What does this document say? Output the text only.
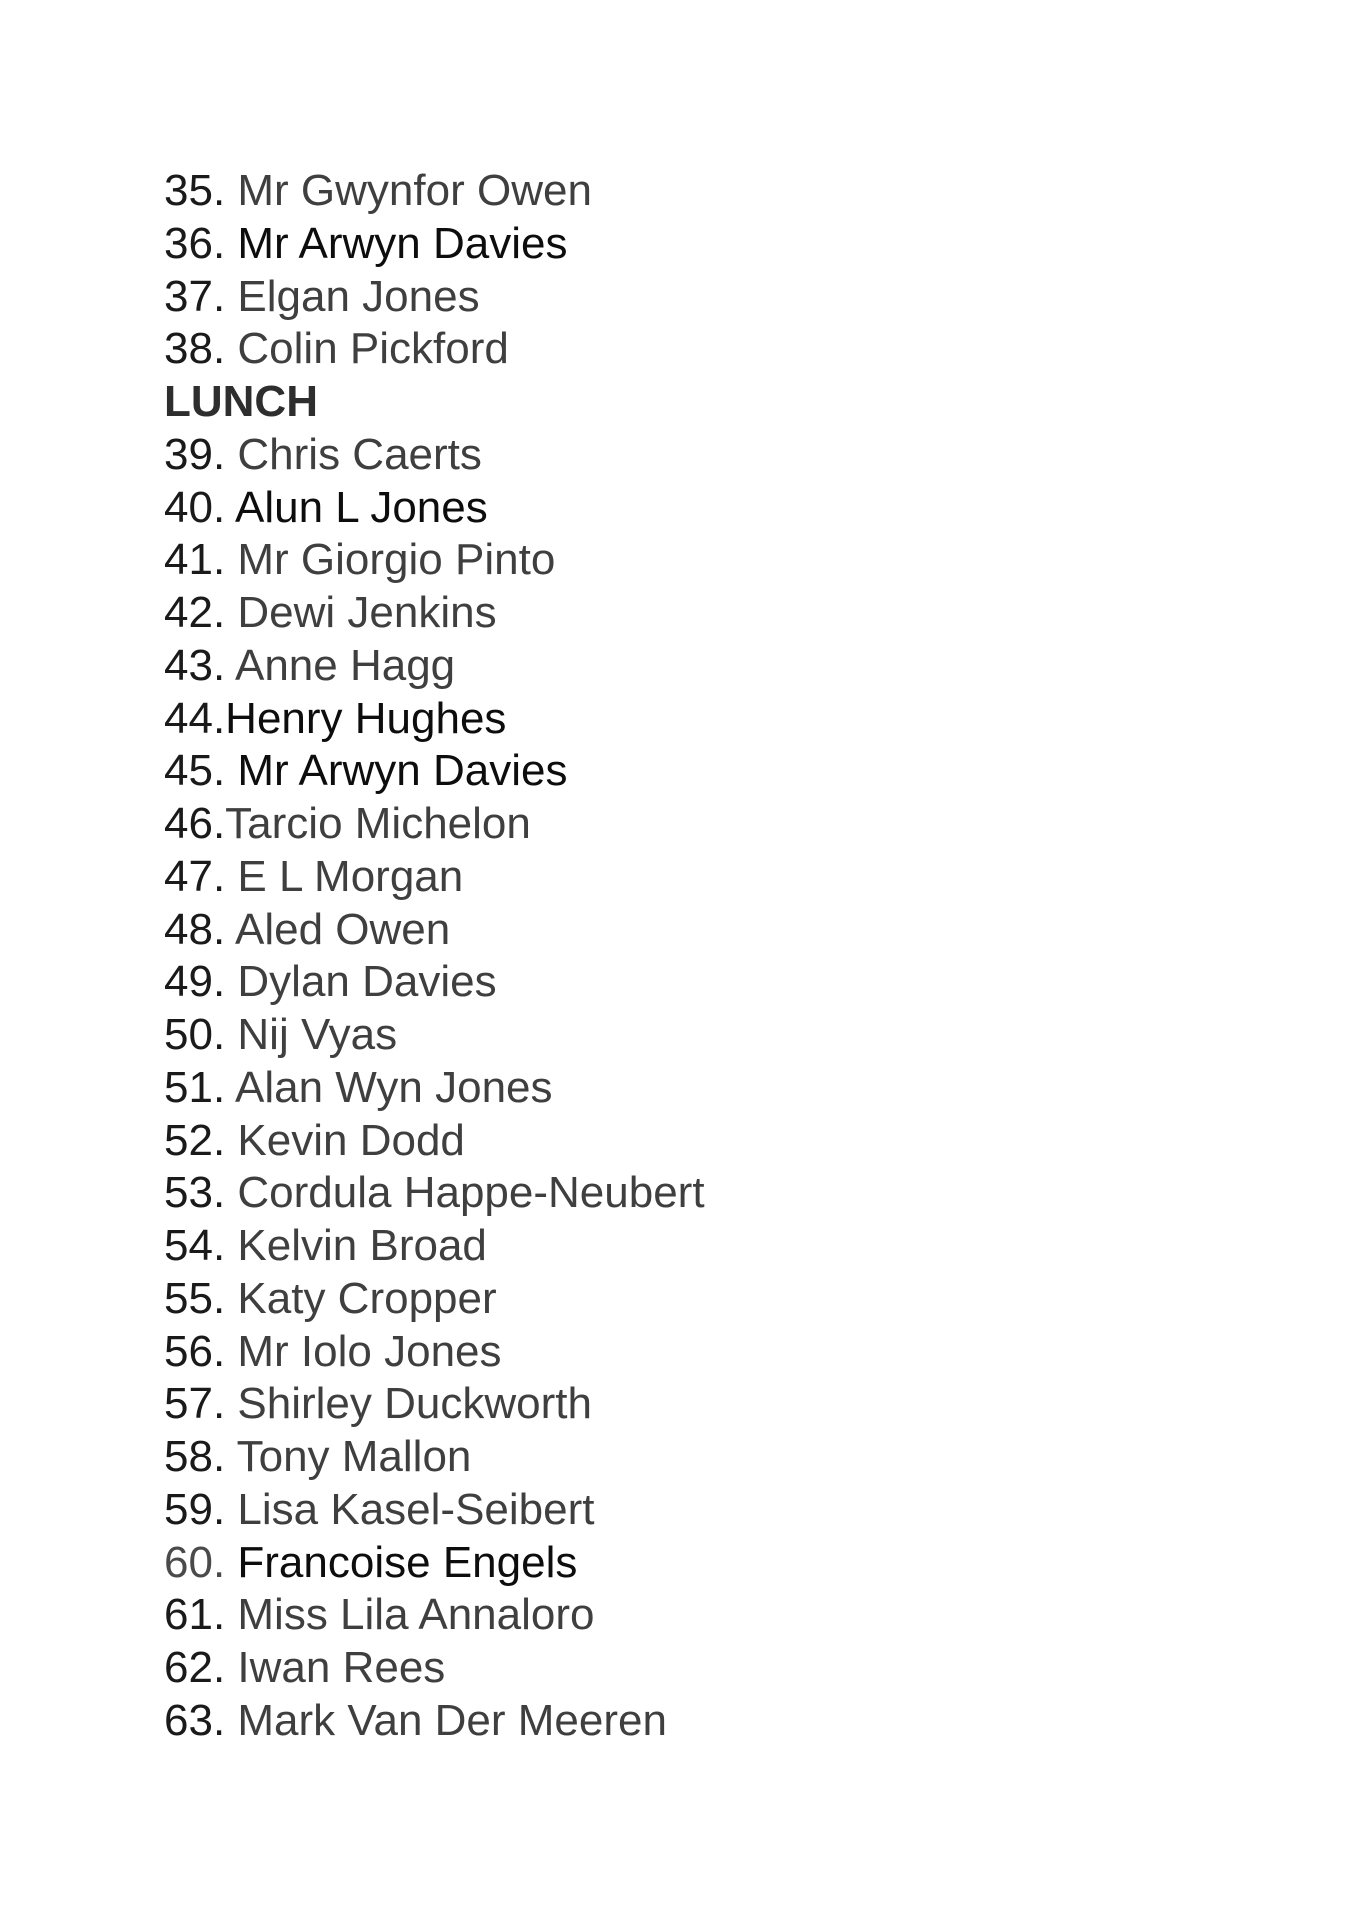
35. Mr Gwynfor Owen
36. Mr Arwyn Davies
37. Elgan Jones
38. Colin Pickford
LUNCH
39. Chris Caerts
40. Alun L Jones
41. Mr Giorgio Pinto
42. Dewi Jenkins
43. Anne Hagg
44.Henry Hughes
45. Mr Arwyn Davies
46.Tarcio Michelon
47. E L Morgan
48. Aled Owen
49. Dylan Davies
50. Nij Vyas
51. Alan Wyn Jones
52. Kevin Dodd
53. Cordula Happe-Neubert
54. Kelvin Broad
55. Katy Cropper
56. Mr Iolo Jones
57. Shirley Duckworth
58. Tony Mallon
59. Lisa Kasel-Seibert
60. Francoise Engels
61. Miss Lila Annaloro
62. Iwan Rees
63. Mark Van Der Meeren
